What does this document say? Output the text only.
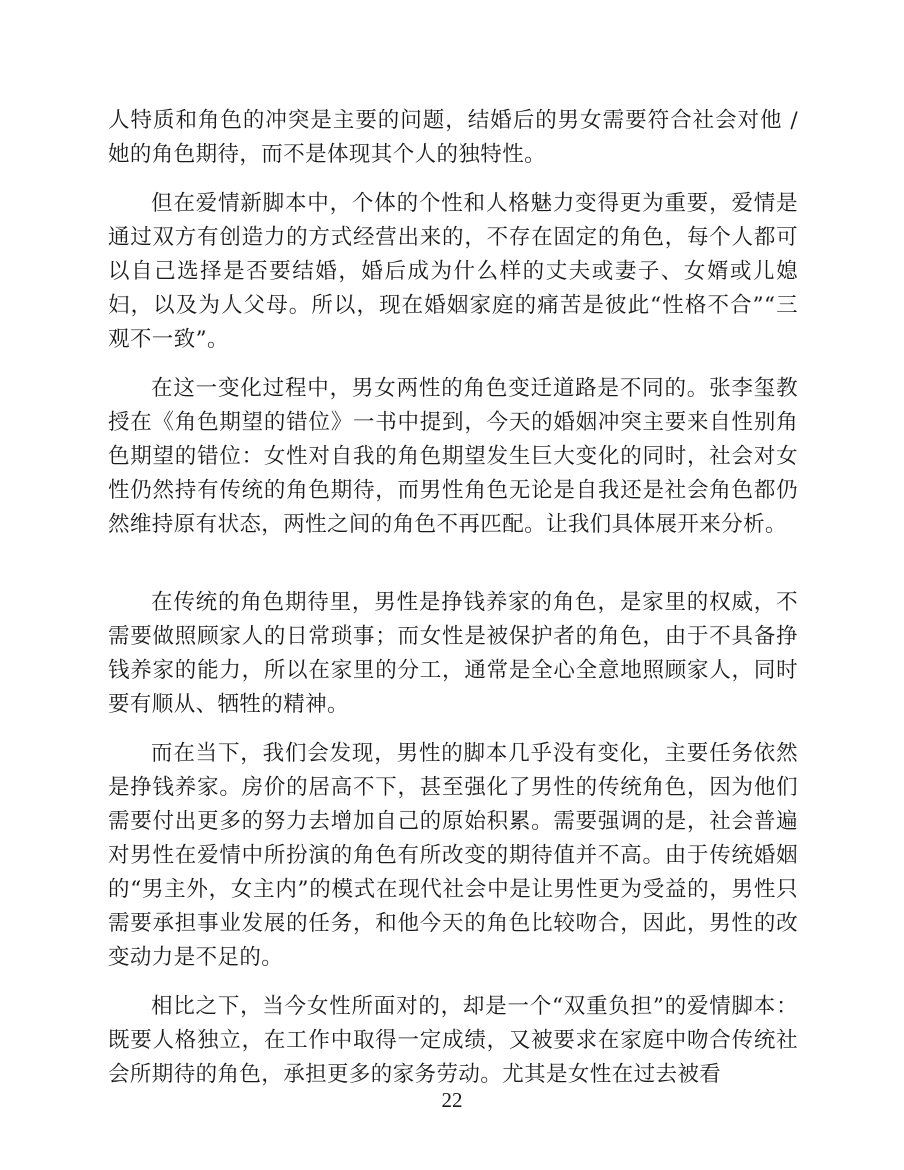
人特质和角色的冲突是主要的问题，结婚后的男女需要符合社会对他 / 她的角色期待，而不是体现其个人的独特性。

但在爱情新脚本中，个体的个性和人格魅力变得更为重要，爱情是通过双方有创造力的方式经营出来的，不存在固定的角色，每个人都可以自己选择是否要结婚，婚后成为什么样的丈夫或妻子、女婿或儿媳妇，以及为人父母。所以，现在婚姻家庭的痛苦是彼此“性格不合”“三观不一致”。

在这一变化过程中，男女两性的角色变迁道路是不同的。张李玺教授在《角色期望的错位》一书中提到，今天的婚姻冲突主要来自性别角色期望的错位：女性对自我的角色期望发生巨大变化的同时，社会对女性仍然持有传统的角色期待，而男性角色无论是自我还是社会角色都仍然维持原有状态，两性之间的角色不再匹配。让我们具体展开来分析。

在传统的角色期待里，男性是挣钱养家的角色，是家里的权威，不需要做照顾家人的日常琐事；而女性是被保护者的角色，由于不具备挣钱养家的能力，所以在家里的分工，通常是全心全意地照顾家人，同时要有顺从、牺牲的精神。

而在当下，我们会发现，男性的脚本几乎没有变化，主要任务依然是挣钱养家。房价的居高不下，甚至强化了男性的传统角色，因为他们需要付出更多的努力去增加自己的原始积累。需要强调的是，社会普遍对男性在爱情中所扮演的角色有所改变的期待值并不高。由于传统婚姻的“男主外，女主内”的模式在现代社会中是让男性更为受益的，男性只需要承担事业发展的任务，和他今天的角色比较吻合，因此，男性的改变动力是不足的。

相比之下，当今女性所面对的，却是一个“双重负担”的爱情脚本：既要人格独立，在工作中取得一定成绩，又被要求在家庭中吻合传统社会所期待的角色，承担更多的家务劳动。尤其是女性在过去被看

22
